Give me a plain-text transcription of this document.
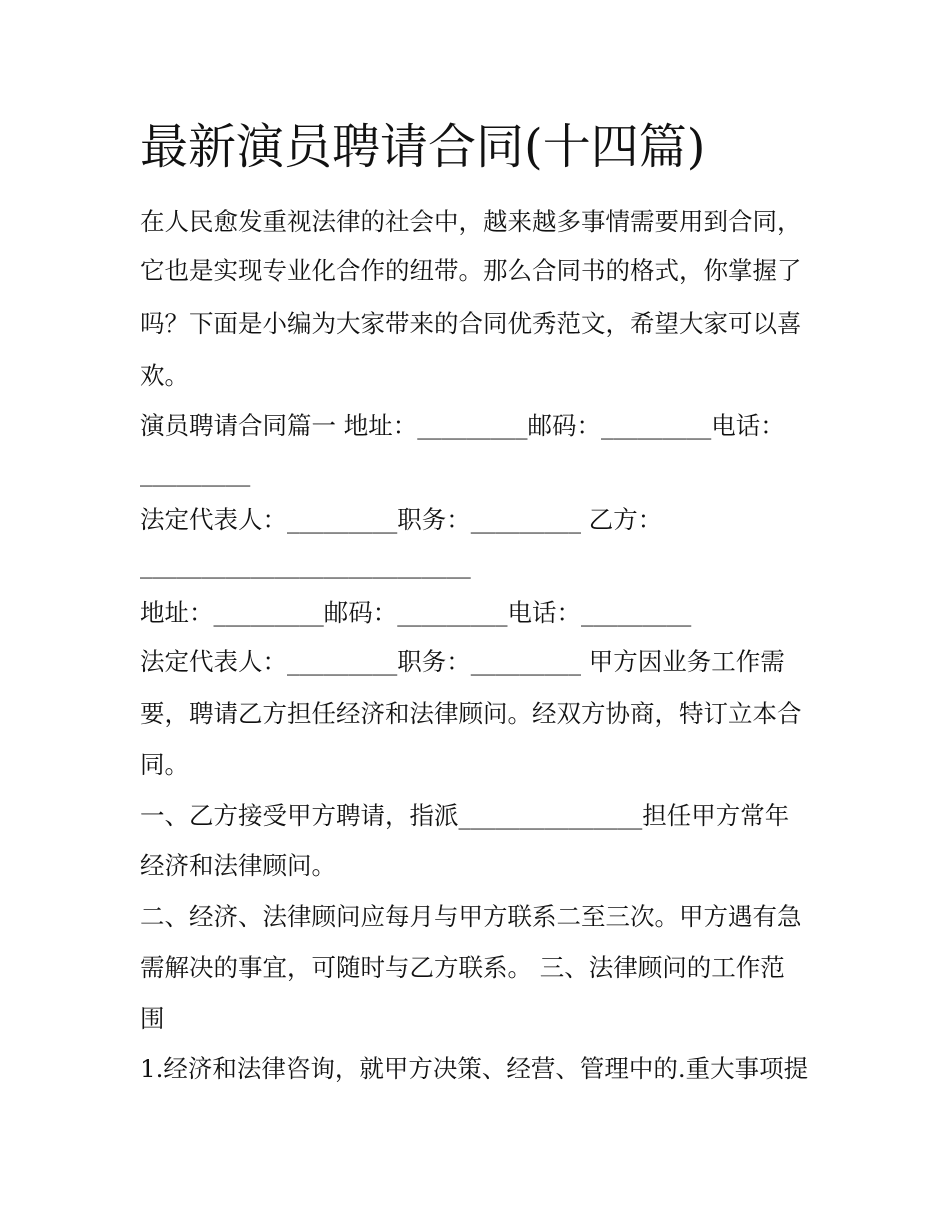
最新演员聘请合同(十四篇)

在人民愈发重视法律的社会中，越来越多事情需要用到合同，

它也是实现专业化合作的纽带。那么合同书的格式，你掌握了

吗？下面是小编为大家带来的合同优秀范文，希望大家可以喜

欢。

演员聘请合同篇一 地址：_________邮码：_________电话：

_________

法定代表人：_________职务：_________ 乙方：

___________________________

地址：_________邮码：_________电话：_________

法定代表人：_________职务：_________ 甲方因业务工作需

要，聘请乙方担任经济和法律顾问。经双方协商，特订立本合

同。

一、乙方接受甲方聘请，指派_______________担任甲方常年

经济和法律顾问。

二、经济、法律顾问应每月与甲方联系二至三次。甲方遇有急

需解决的事宜，可随时与乙方联系。 三、法律顾问的工作范

围

1.经济和法律咨询，就甲方决策、经营、管理中的.重大事项提
